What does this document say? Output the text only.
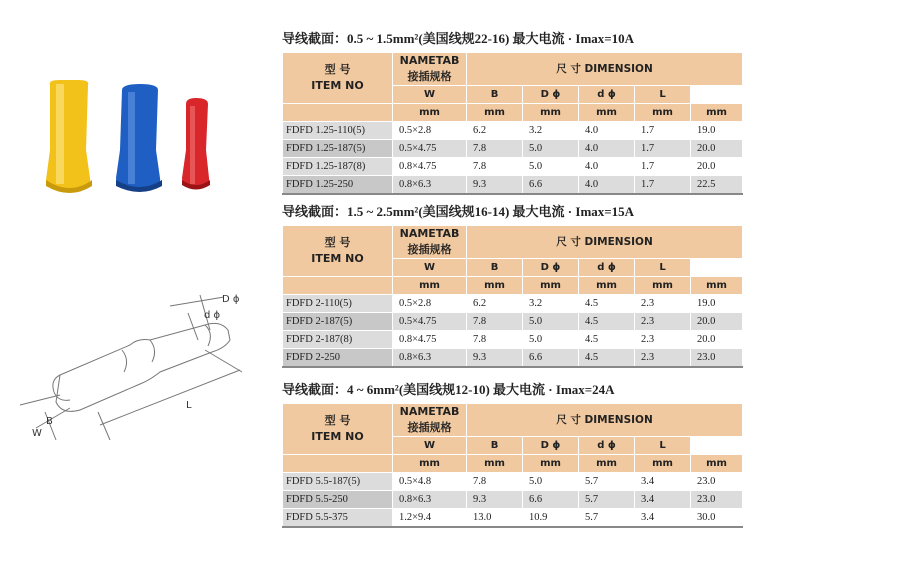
D ϕ
d ϕ
B
W
L
导线截面：0.5 ~ 1.5mm²(美国线规22-16) 最大电流 · Imax=10A
型 号
ITEM NO	NAMETAB
接插规格	尺 寸 DIMENSION				
	W	B	D ϕ	d ϕ	L	
	mm	mm	mm	mm	mm	mm
FDFD 1.25-110(5)	0.5×2.8	6.2	3.2	4.0	1.7	19.0
FDFD 1.25-187(5)	0.5×4.75	7.8	5.0	4.0	1.7	20.0
FDFD 1.25-187(8)	0.8×4.75	7.8	5.0	4.0	1.7	20.0
FDFD 1.25-250	0.8×6.3	9.3	6.6	4.0	1.7	22.5
导线截面：1.5 ~ 2.5mm²(美国线规16-14) 最大电流 · Imax=15A
型 号
ITEM NO	NAMETAB
接插规格	尺 寸 DIMENSION				
	W	B	D ϕ	d ϕ	L	
	mm	mm	mm	mm	mm	mm
FDFD 2-110(5)	0.5×2.8	6.2	3.2	4.5	2.3	19.0
FDFD 2-187(5)	0.5×4.75	7.8	5.0	4.5	2.3	20.0
FDFD 2-187(8)	0.8×4.75	7.8	5.0	4.5	2.3	20.0
FDFD 2-250	0.8×6.3	9.3	6.6	4.5	2.3	23.0
导线截面：4 ~ 6mm²(美国线规12-10) 最大电流 · Imax=24A
型 号
ITEM NO	NAMETAB
接插规格	尺 寸 DIMENSION				
	W	B	D ϕ	d ϕ	L	
	mm	mm	mm	mm	mm	mm
FDFD 5.5-187(5)	0.5×4.8	7.8	5.0	5.7	3.4	23.0
FDFD 5.5-250	0.8×6.3	9.3	6.6	5.7	3.4	23.0
FDFD 5.5-375	1.2×9.4	13.0	10.9	5.7	3.4	30.0
